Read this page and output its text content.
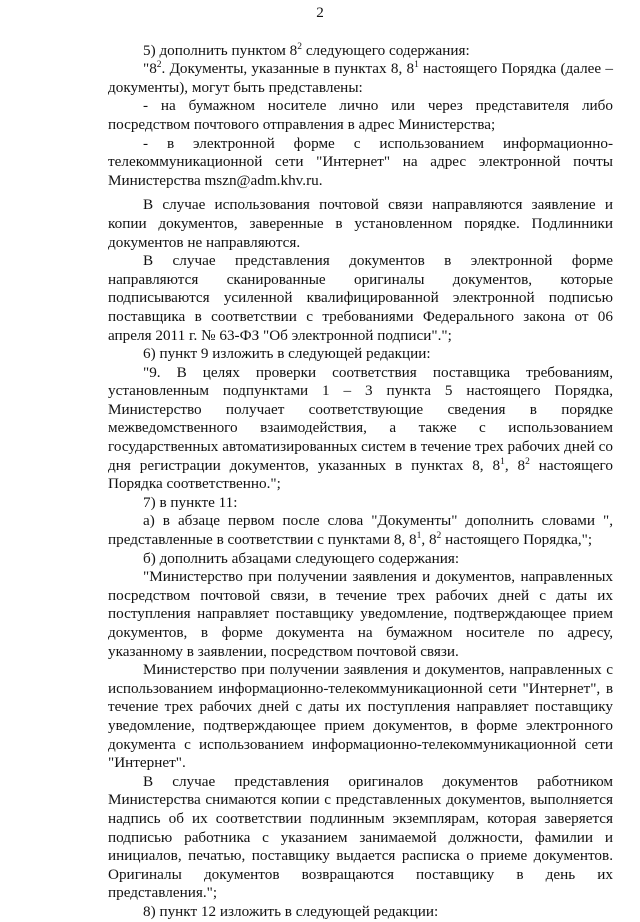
2

5) дополнить пунктом $8^2$ следующего содержания:

"$8^2$. Документы, указанные в пунктах 8, $8^1$ настоящего Порядка (далее – документы), могут быть представлены:

- на бумажном носителе лично или через представителя либо посредством почтового отправления в адрес Министерства;

- в электронной форме с использованием информационно-телекоммуникационной сети "Интернет" на адрес электронной почты Министерства mszn@adm.khv.ru.

В случае использования почтовой связи направляются заявление и копии документов, заверенные в установленном порядке. Подлинники документов не направляются.

В случае представления документов в электронной форме направляются сканированные оригиналы документов, которые подписываются усиленной квалифицированной электронной подписью поставщика в соответствии с требованиями Федерального закона от 06 апреля 2011 г. № 63-ФЗ "Об электронной подписи".";

6) пункт 9 изложить в следующей редакции:

"9. В целях проверки соответствия поставщика требованиям, установленным подпунктами 1 – 3 пункта 5 настоящего Порядка, Министерство получает соответствующие сведения в порядке межведомственного взаимодействия, а также с использованием государственных автоматизированных систем в течение трех рабочих дней со дня регистрации документов, указанных в пунктах 8, $8^1$, $8^2$ настоящего Порядка соответственно.";

7) в пункте 11:

а) в абзаце первом после слова "Документы" дополнить словами ", представленные в соответствии с пунктами 8, $8^1$, $8^2$ настоящего Порядка,";

б) дополнить абзацами следующего содержания:

"Министерство при получении заявления и документов, направленных посредством почтовой связи, в течение трех рабочих дней с даты их поступления направляет поставщику уведомление, подтверждающее прием документов, в форме документа на бумажном носителе по адресу, указанному в заявлении, посредством почтовой связи.

Министерство при получении заявления и документов, направленных с использованием информационно-телекоммуникационной сети "Интернет", в течение трех рабочих дней с даты их поступления направляет поставщику уведомление, подтверждающее прием документов, в форме электронного документа с использованием информационно-телекоммуникационной сети "Интернет".

В случае представления оригиналов документов работником Министерства снимаются копии с представленных документов, выполняется надпись об их соответствии подлинным экземплярам, которая заверяется подписью работника с указанием занимаемой должности, фамилии и инициалов, печатью, поставщику выдается расписка о приеме документов. Оригиналы документов возвращаются поставщику в день их представления.";

8) пункт 12 изложить в следующей редакции:
